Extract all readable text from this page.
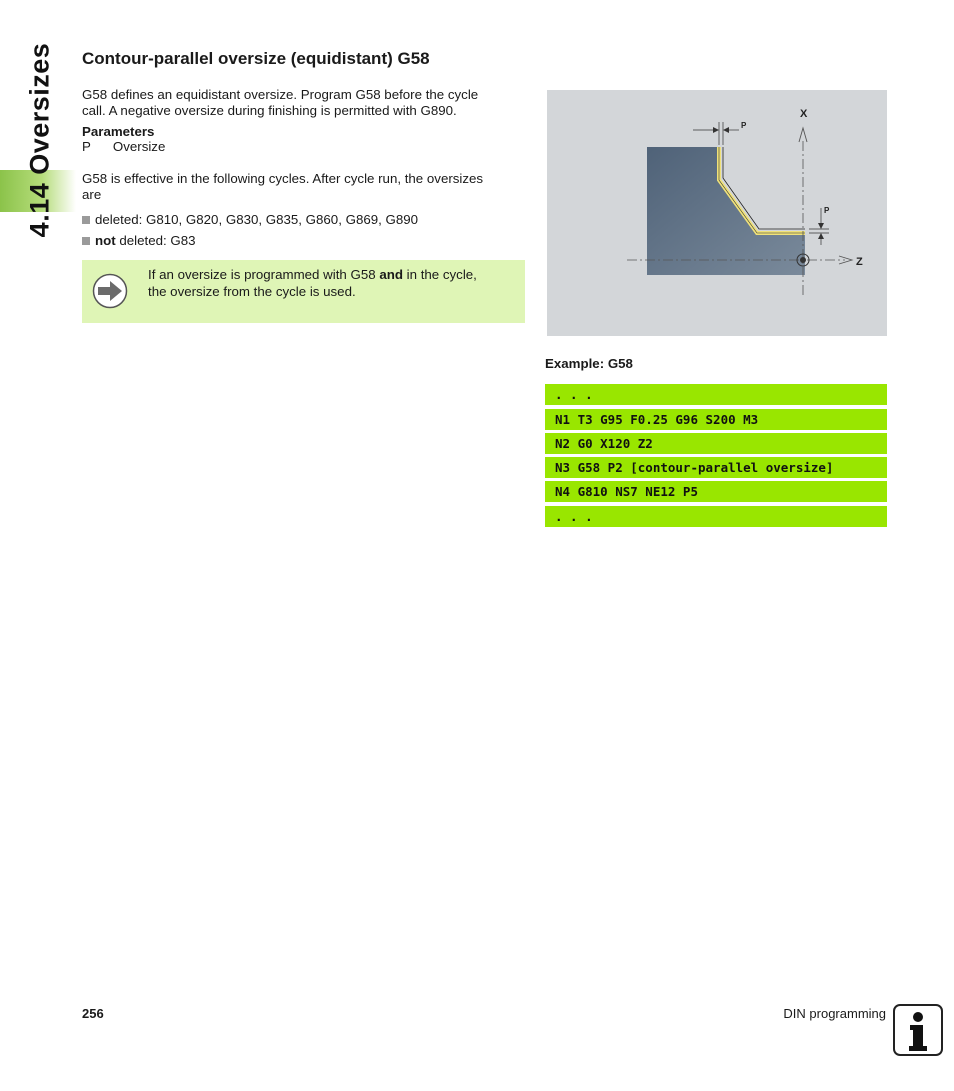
4.14 Oversizes Contour-parallel oversize (equidistant) G58

G58 defines an equidistant oversize. Program G58 before the cycle

call. A negative oversize during finishing is permitted with G890.

Parameters

P Oversize

G58 is effective in the following cycles. After cycle run, the oversizes

are

deleted: G810, G820, G830, G835, G860, G869, G890
not deleted: G83
If an oversize is programmed with G58 and in the cycle,
the oversize from the cycle is used.
X
Z
P
P
Example: G58
. . .
N1 T3 G95 F0.25 G96 S200 M3
N2 G0 X120 Z2
N3 G58 P2 [contour-parallel oversize]
N4 G810 NS7 NE12 P5
. . .
256	DIN programming
